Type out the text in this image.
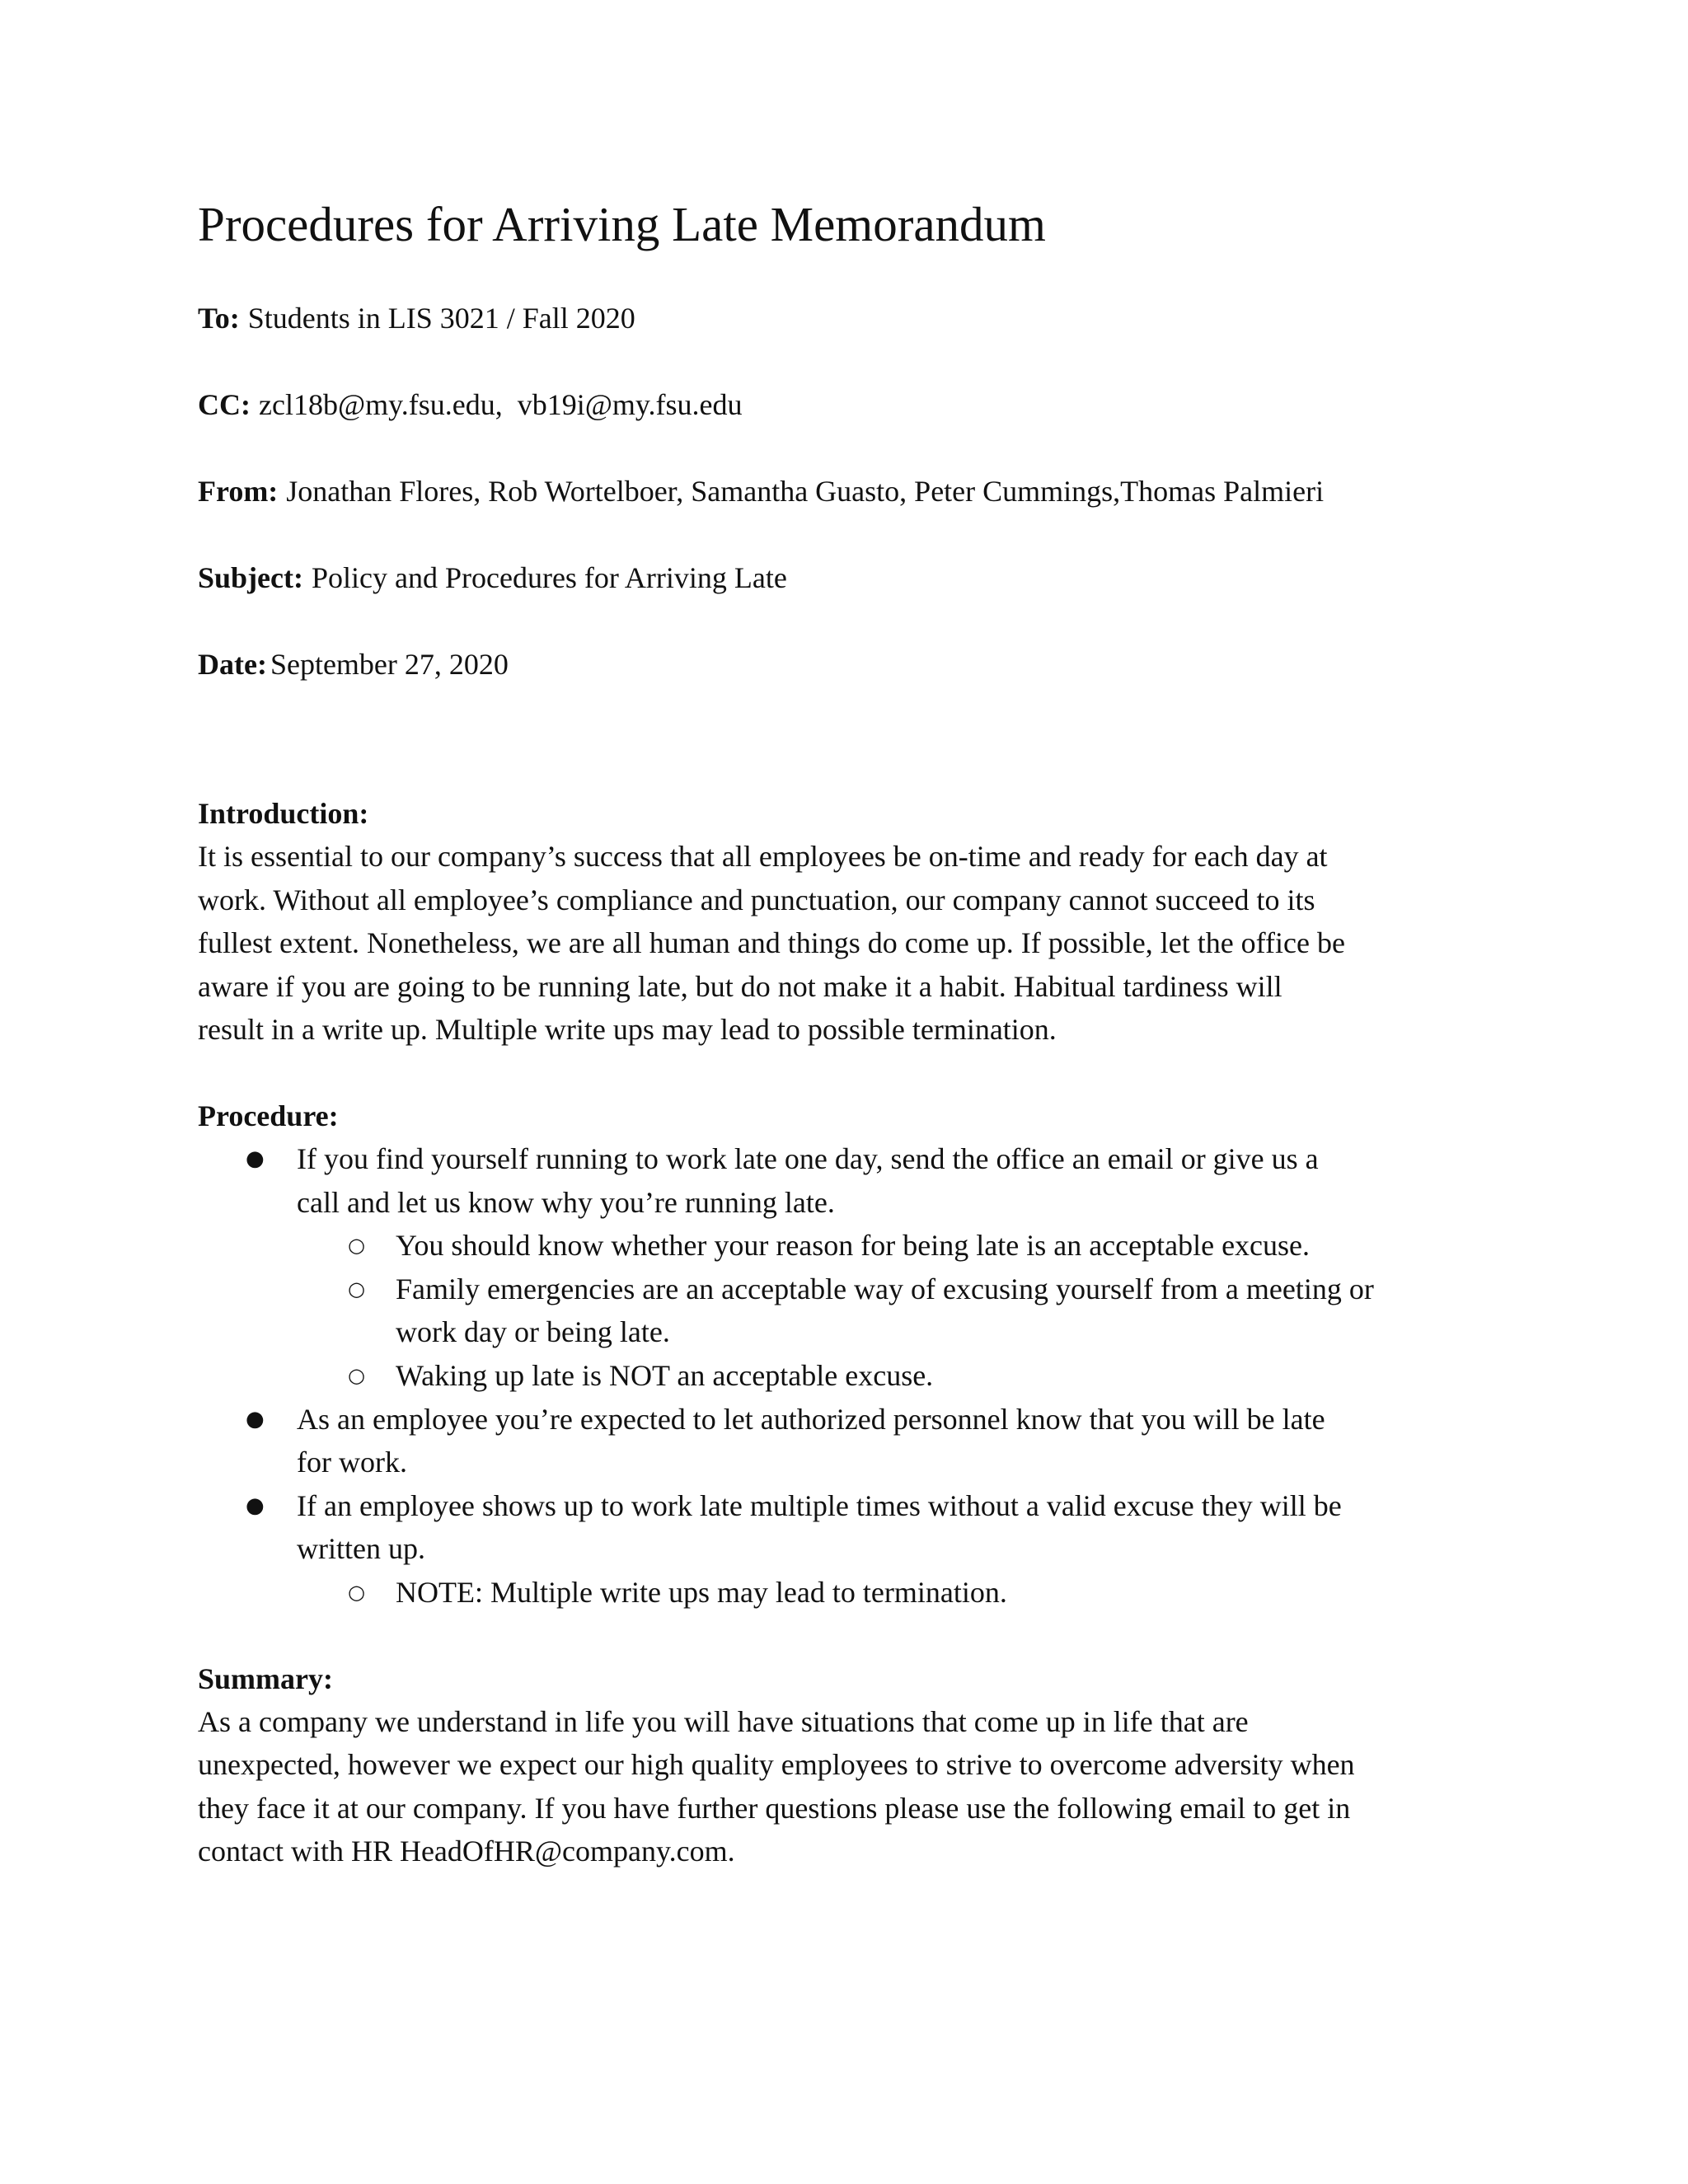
Procedures for Arriving Late Memorandum
To: Students in LIS 3021 / Fall 2020
CC: zcl18b@my.fsu.edu,  vb19i@my.fsu.edu
From: Jonathan Flores, Rob Wortelboer, Samantha Guasto, Peter Cummings,Thomas Palmieri
Subject: Policy and Procedures for Arriving Late
Date: September 27, 2020
Introduction:
It is essential to our company’s success that all employees be on-time and ready for each day at
work. Without all employee’s compliance and punctuation, our company cannot succeed to its
fullest extent. Nonetheless, we are all human and things do come up. If possible, let the office be
aware if you are going to be running late, but do not make it a habit. Habitual tardiness will
result in a write up. Multiple write ups may lead to possible termination.
Procedure:
● If you find yourself running to work late one day, send the office an email or give us a
call and let us know why you’re running late.
○ You should know whether your reason for being late is an acceptable excuse.
○ Family emergencies are an acceptable way of excusing yourself from a meeting or
work day or being late.
○ Waking up late is NOT an acceptable excuse.
● As an employee you’re expected to let authorized personnel know that you will be late
for work.
● If an employee shows up to work late multiple times without a valid excuse they will be
written up.
○ NOTE: Multiple write ups may lead to termination.
Summary:
As a company we understand in life you will have situations that come up in life that are
unexpected, however we expect our high quality employees to strive to overcome adversity when
they face it at our company. If you have further questions please use the following email to get in
contact with HR HeadOfHR@company.com.
